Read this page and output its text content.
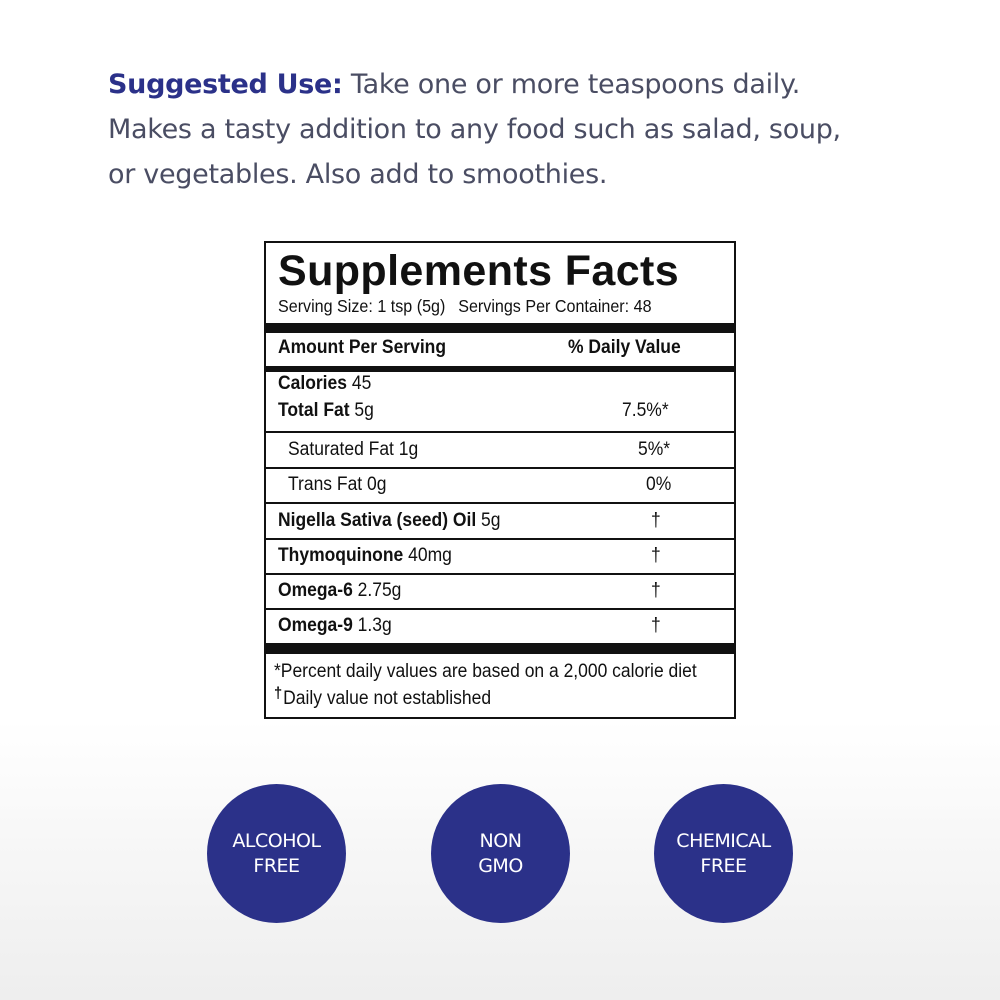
Suggested Use: Take one or more teaspoons daily.
Makes a tasty addition to any food such as salad, soup,
or vegetables. Also add to smoothies.
Supplements Facts
Serving Size: 1 tsp (5g) Servings Per Container: 48
Amount Per Serving	% Daily Value
Calories 45
Total Fat 5g	7.5%*
Saturated Fat 1g	5%*
Trans Fat 0g	0%
Nigella Sativa (seed) Oil 5g	†
Thymoquinone 40mg	†
Omega-6 2.75g	†
Omega-9 1.3g	†
*Percent daily values are based on a 2,000 calorie diet
†Daily value not established
ALCOHOL
FREE
NON
GMO
CHEMICAL
FREE
